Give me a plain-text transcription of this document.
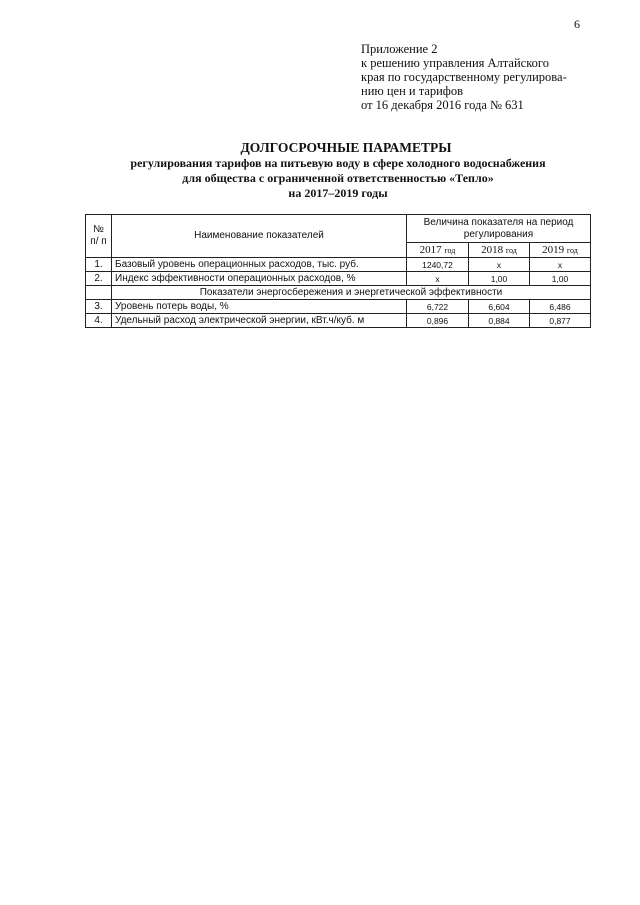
6
Приложение 2
к решению управления Алтайского
края по государственному регулирова-
нию цен и тарифов
от 16 декабря 2016 года № 631
ДОЛГОСРОЧНЫЕ ПАРАМЕТРЫ
регулирования тарифов на питьевую воду в сфере холодного водоснабжения
для общества с ограниченной ответственностью «Тепло»
на 2017–2019 годы
№ п/ п	Наименование показателей	Величина показателя на период регулирования		
		2017 год	2018 год	2019 год
1.	Базовый уровень операционных расходов, тыс. руб.	1240,72	х	х
2.	Индекс эффективности операционных расходов, %	х	1,00	1,00
	Показатели энергосбережения и энергетической эффективности			
3.	Уровень потерь воды, %	6,722	6,604	6,486
4.	Удельный расход электрической энергии, кВт.ч/куб. м	0,896	0,884	0,877
